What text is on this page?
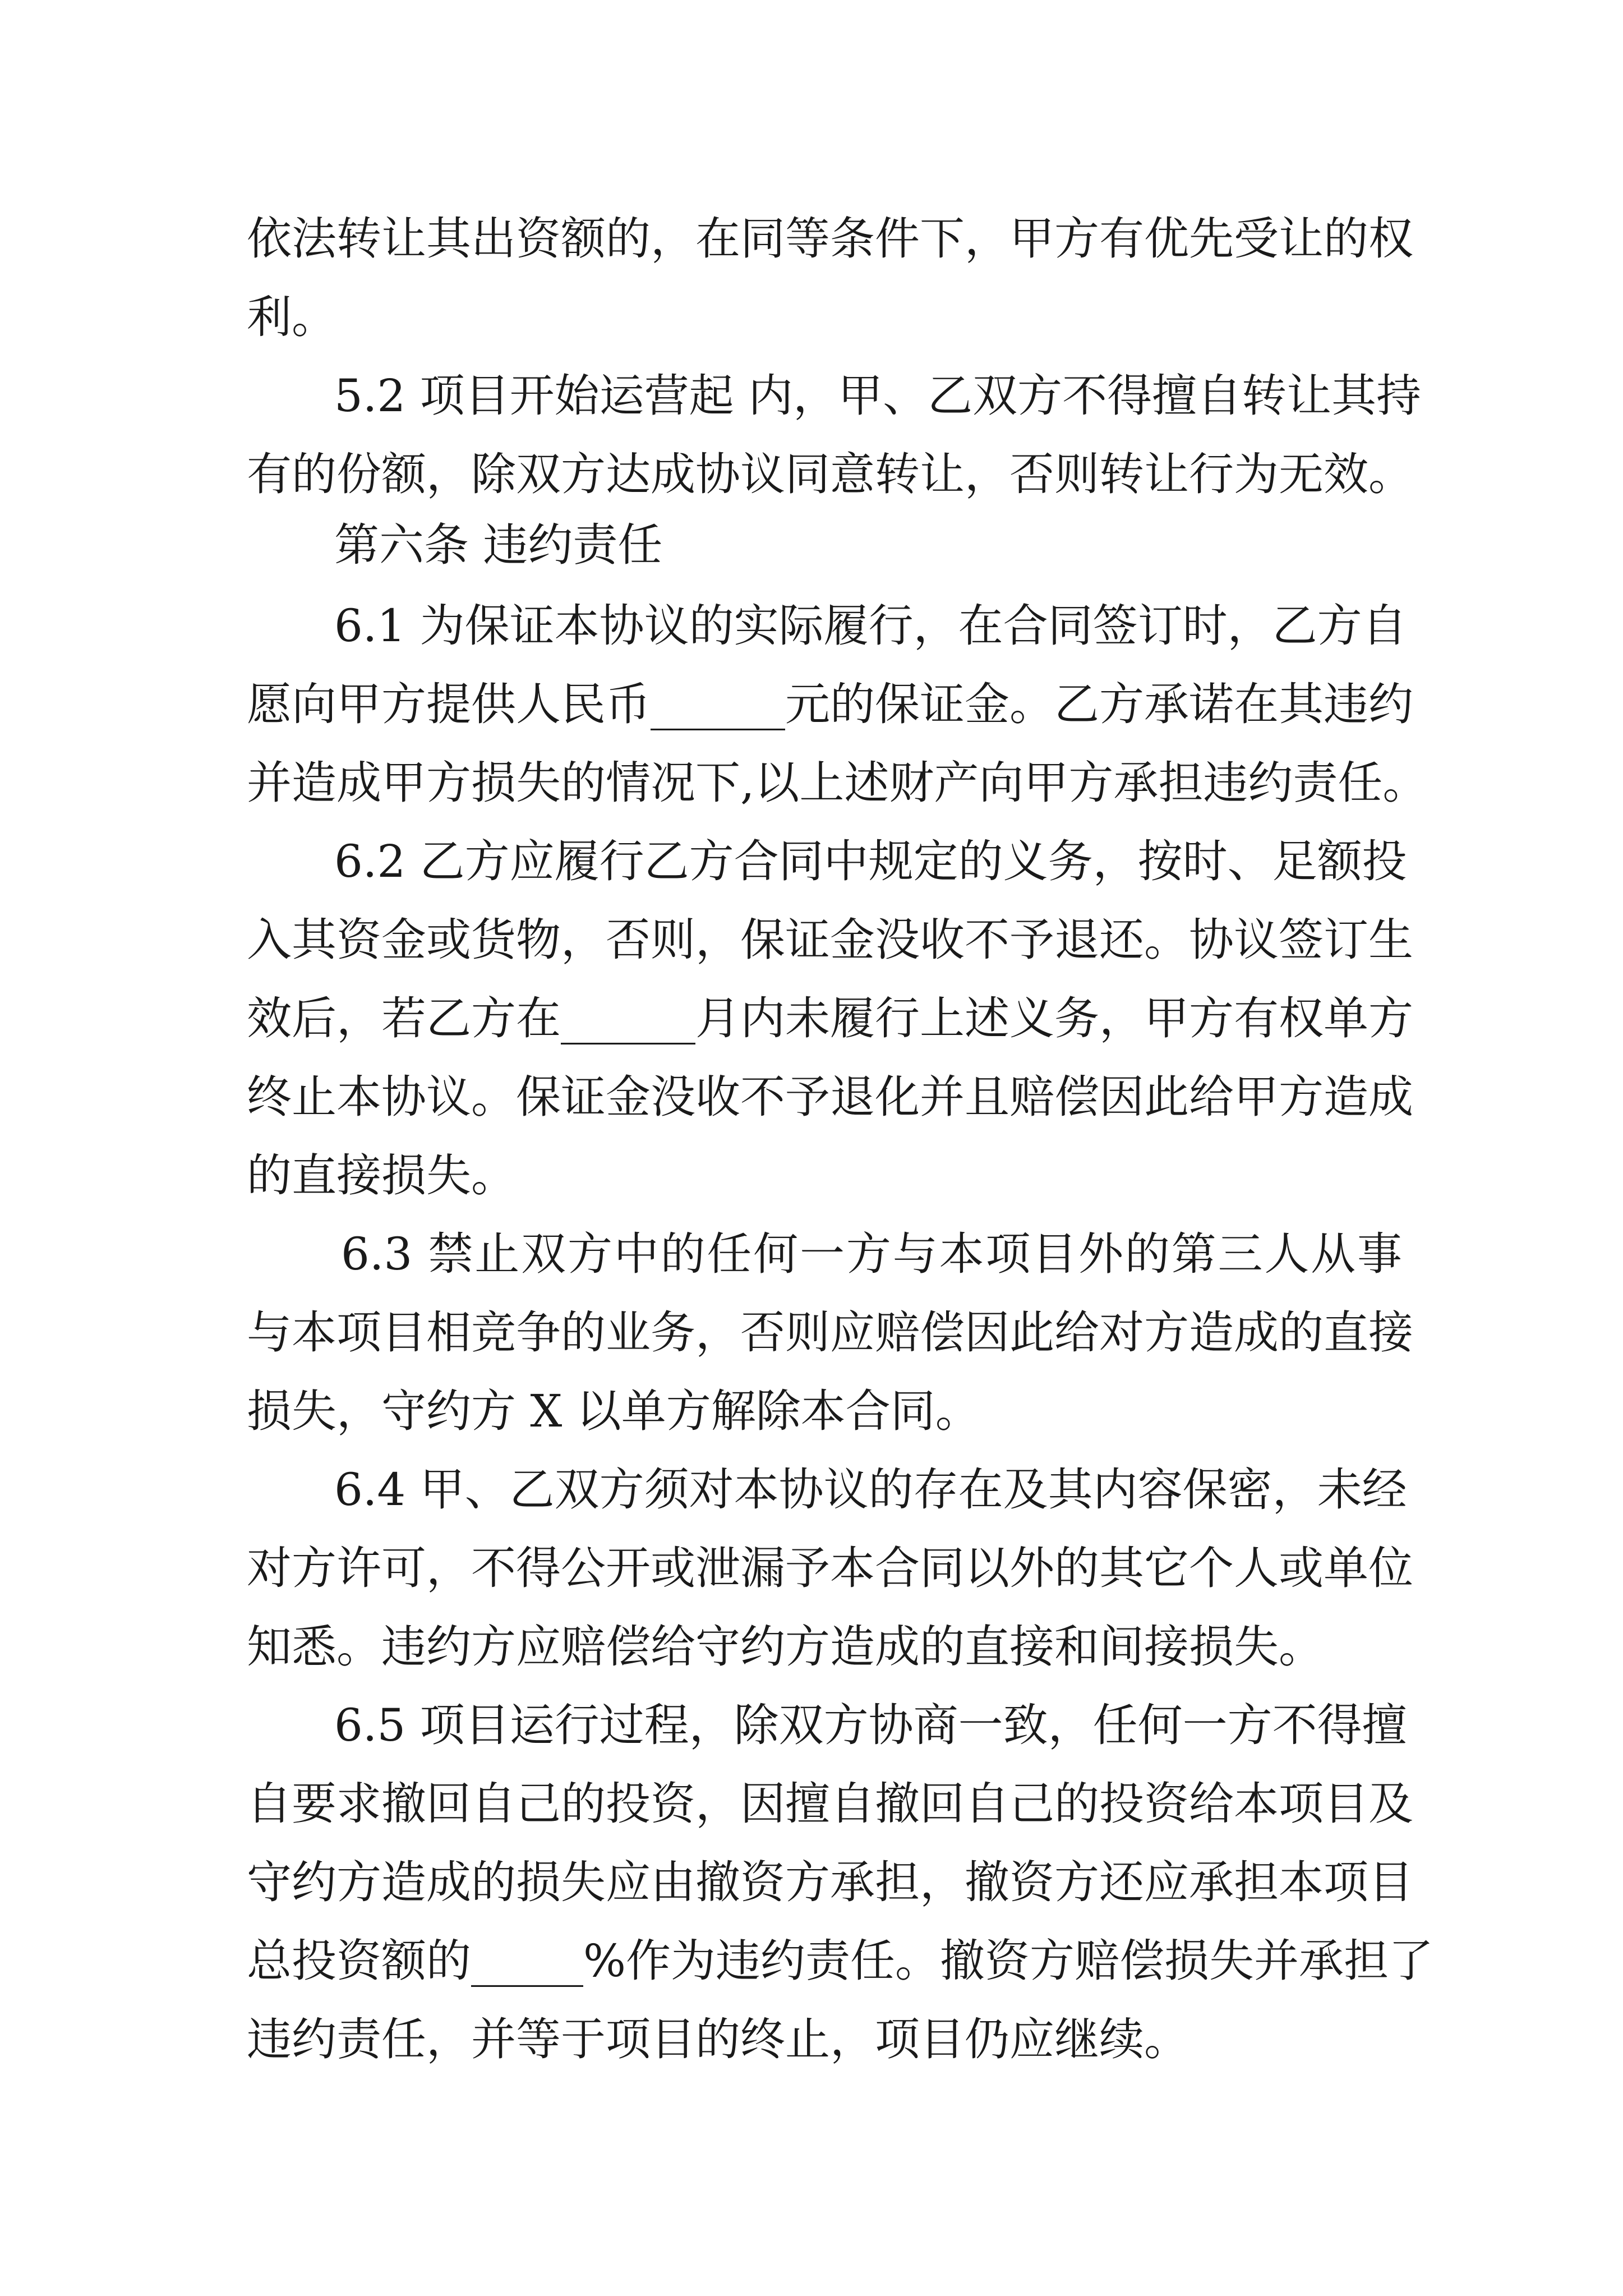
依法转让其出资额的，在同等条件下，甲方有优先受让的权
利。
5.2 项目开始运营起 内，甲、乙双方不得擅自转让其持
有的份额，除双方达成协议同意转让，否则转让行为无效。
第六条 违约责任
6.1 为保证本协议的实际履行，在合同签订时，乙方自
愿向甲方提供人民币______元的保证金。乙方承诺在其违约
并造成甲方损失的情况下,以上述财产向甲方承担违约责任。
6.2 乙方应履行乙方合同中规定的义务，按时、足额投
入其资金或货物，否则，保证金没收不予退还。协议签订生
效后，若乙方在______月内未履行上述义务，甲方有权单方
终止本协议。保证金没收不予退化并且赔偿因此给甲方造成
的直接损失。
6.3 禁止双方中的任何一方与本项目外的第三人从事
与本项目相竞争的业务，否则应赔偿因此给对方造成的直接
损失，守约方 X 以单方解除本合同。
6.4 甲、乙双方须对本协议的存在及其内容保密，未经
对方许可，不得公开或泄漏予本合同以外的其它个人或单位
知悉。违约方应赔偿给守约方造成的直接和间接损失。
6.5 项目运行过程，除双方协商一致，任何一方不得擅
自要求撤回自己的投资，因擅自撤回自己的投资给本项目及
守约方造成的损失应由撤资方承担，撤资方还应承担本项目
总投资额的_____%作为违约责任。撤资方赔偿损失并承担了
违约责任，并等于项目的终止，项目仍应继续。
